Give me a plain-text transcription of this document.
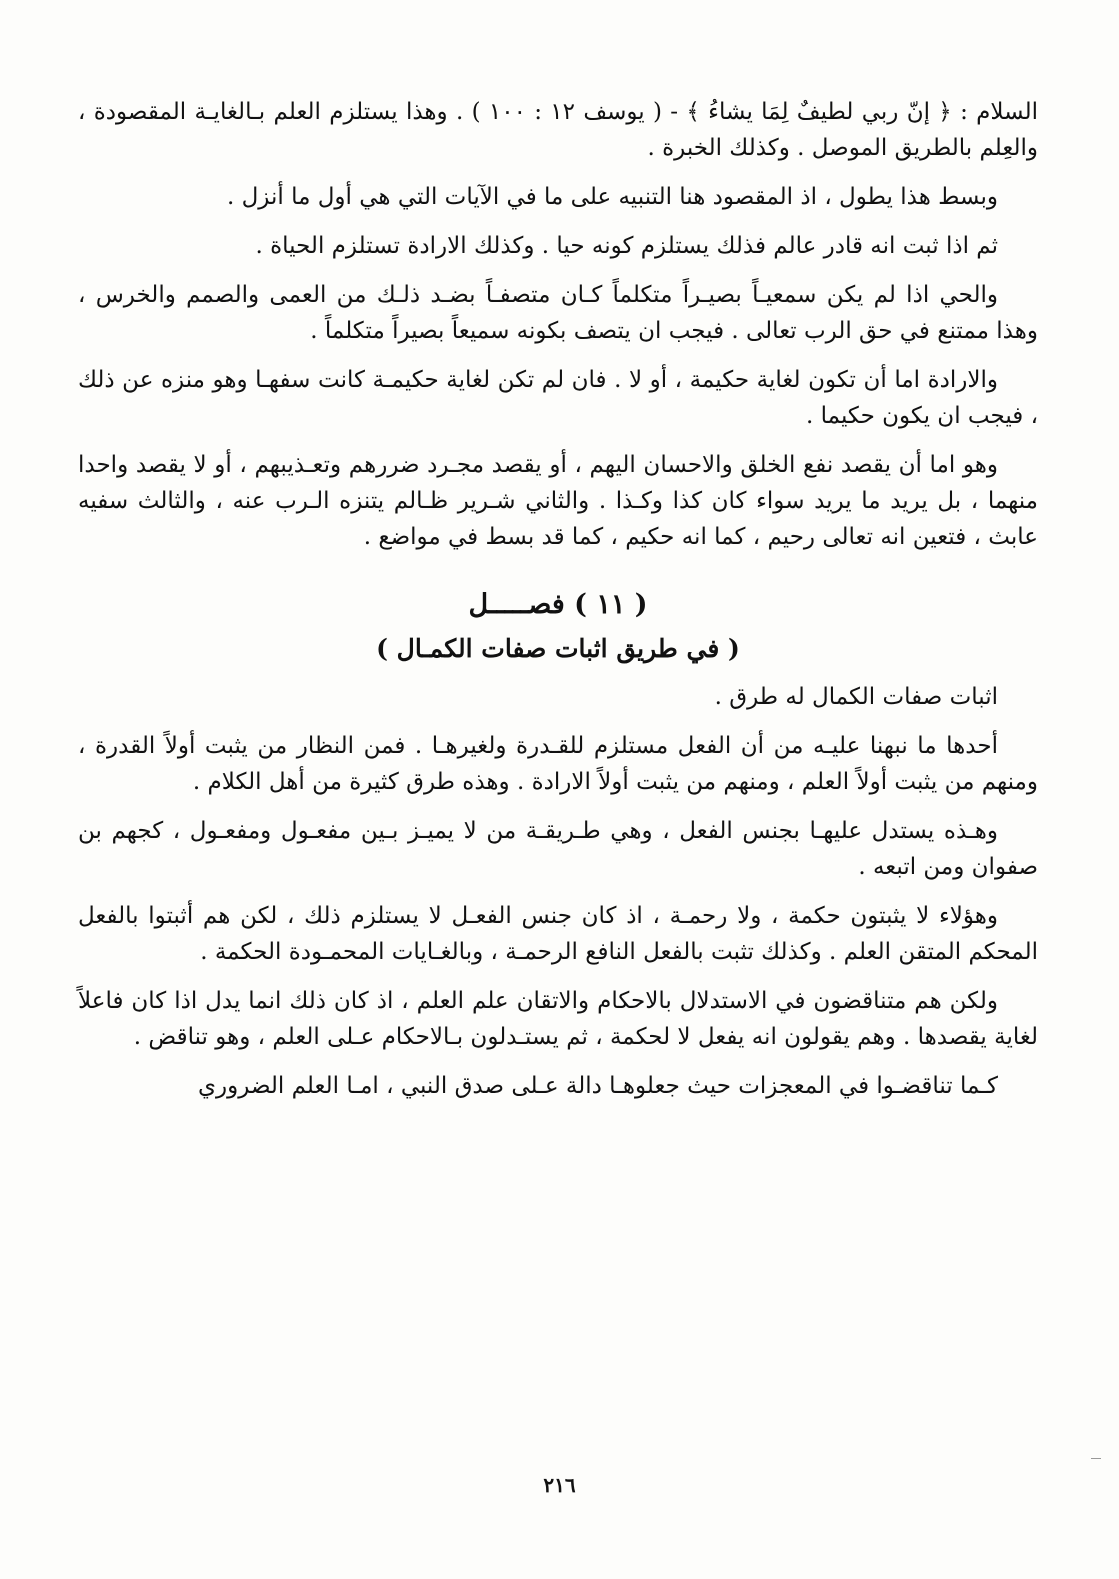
السلام : ﴿ إنّ ربي لطيفٌ لِمَا يشاءُ ﴾ - ( يوسف ١٢ : ١٠٠ ) . وهذا يستلزم العلم بـالغايـة المقصودة ، والعِلم بالطريق الموصل . وكذلك الخبرة .

وبسط هذا يطول ، اذ المقصود هنا التنبيه على ما في الآيات التي هي أول ما أنزل .

ثم اذا ثبت انه قادر عالم فذلك يستلزم كونه حيا . وكذلك الارادة تستلزم الحياة .

والحي اذا لم يكن سمعيـاً بصيـراً متكلماً كـان متصفـاً بضـد ذلـك من العمى والصمم والخرس ، وهذا ممتنع في حق الرب تعالى . فيجب ان يتصف بكونه سميعاً بصيراً متكلماً .

والارادة اما أن تكون لغاية حكيمة ، أو لا . فان لم تكن لغاية حكيمـة كانت سفهـا وهو منزه عن ذلك ، فيجب ان يكون حكيما .

وهو اما أن يقصد نفع الخلق والاحسان اليهم ، أو يقصد مجـرد ضررهم وتعـذيبهم ، أو لا يقصد واحدا منهما ، بل يريد ما يريد سواء كان كذا وكـذا . والثاني شـرير ظـالم يتنزه الـرب عنه ، والثالث سفيه عابث ، فتعين انه تعالى رحيم ، كما انه حكيم ، كما قد بسط في مواضع .

( ١١ ) فصـــــل
( في طريق اثبات صفات الكمـال )

اثبات صفات الكمال له طرق .

أحدها ما نبهنا عليـه من أن الفعل مستلزم للقـدرة ولغيرهـا . فمن النظار من يثبت أولاً القدرة ، ومنهم من يثبت أولاً العلم ، ومنهم من يثبت أولاً الارادة . وهذه طرق كثيرة من أهل الكلام .

وهـذه يستدل عليهـا بجنس الفعل ، وهي طـريقـة من لا يميـز بـين مفعـول ومفعـول ، كجهم بن صفوان ومن اتبعه .

وهؤلاء لا يثبتون حكمة ، ولا رحمـة ، اذ كان جنس الفعـل لا يستلزم ذلك ، لكن هم أثبتوا بالفعل المحكم المتقن العلم . وكذلك تثبت بالفعل النافع الرحمـة ، وبالغـايات المحمـودة الحكمة .

ولكن هم متناقضون في الاستدلال بالاحكام والاتقان علم العلم ، اذ كان ذلك انما يدل اذا كان فاعلاً لغاية يقصدها . وهم يقولون انه يفعل لا لحكمة ، ثم يستـدلون بـالاحكام عـلى العلم ، وهو تناقض .

كـما تناقضـوا في المعجزات حيث جعلوهـا دالة عـلى صدق النبي ، امـا العلم الضروري

٢١٦
